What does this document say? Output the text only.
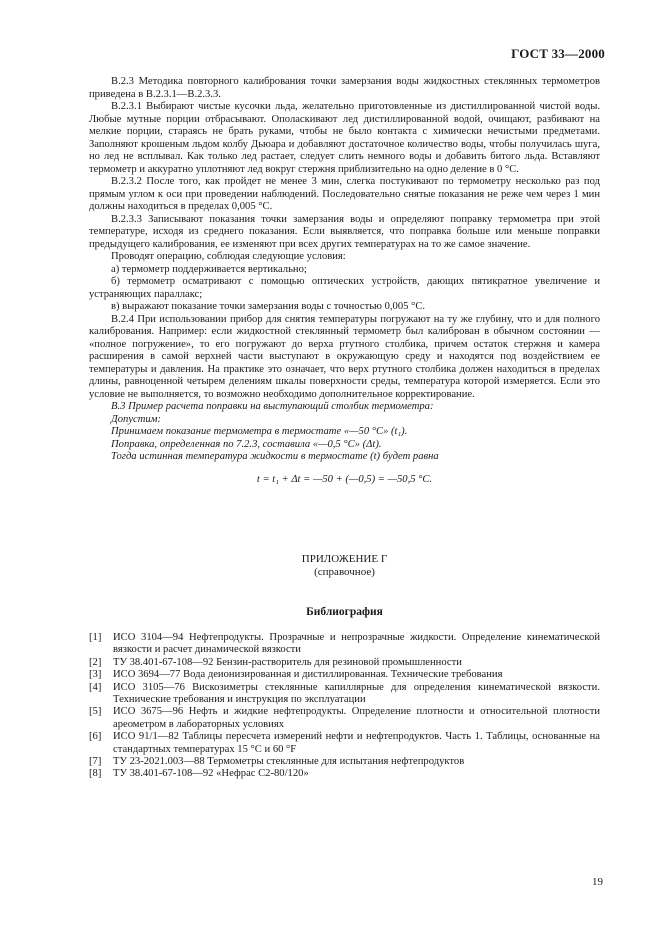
ГОСТ 33—2000

В.2.3 Методика повторного калибрования точки замерзания воды жидкостных стеклянных термометров приведена в В.2.3.1—В.2.3.3.

В.2.3.1 Выбирают чистые кусочки льда, желательно приготовленные из дистиллированной чистой воды. Любые мутные порции отбрасывают. Ополаскивают лед дистиллированной водой, очищают, разбивают на мелкие порции, стараясь не брать руками, чтобы не было контакта с химически нечистыми предметами. Заполняют крошеным льдом колбу Дьюара и добавляют достаточное количество воды, чтобы получилась шуга, но лед не всплывал. Как только лед растает, следует слить немного воды и добавить битого льда. Вставляют термометр и аккуратно уплотняют лед вокруг стержня приблизительно на одно деление в 0 °С.

В.2.3.2 После того, как пройдет не менее 3 мин, слегка постукивают по термометру несколько раз под прямым углом к оси при проведении наблюдений. Последовательно снятые показания не реже чем через 1 мин должны находиться в пределах 0,005 °С.

В.2.3.3 Записывают показания точки замерзания воды и определяют поправку термометра при этой температуре, исходя из среднего показания. Если выявляется, что поправка больше или меньше поправки предыдущего калибрования, ее изменяют при всех других температурах на то же самое значение.

Проводят операцию, соблюдая следующие условия:

а) термометр поддерживается вертикально;

б) термометр осматривают с помощью оптических устройств, дающих пятикратное увеличение и устраняющих параллакс;

в) выражают показание точки замерзания воды с точностью 0,005 °С.

В.2.4 При использовании прибор для снятия температуры погружают на ту же глубину, что и для полного калибрования. Например: если жидкостной стеклянный термометр был калиброван в обычном состоянии — «полное погружение», то его погружают до верха ртутного столбика, причем остаток стержня и камера расширения в самой верхней части выступают в окружающую среду и находятся под воздействием ее температуры и давления. На практике это означает, что верх ртутного столбика должен находиться в пределах длины, равноценной четырем делениям шкалы поверхности среды, температура которой измеряется. Если это условие не выполняется, то возможно необходимо дополнительное корректирование.

В.3 Пример расчета поправки на выступающий столбик термометра:

Допустим:

Принимаем показание термометра в термостате «—50 °С» (t₁).

Поправка, определенная по 7.2.3, составила «—0,5 °С» (Δt).

Тогда истинная температура жидкости в термостате (t) будет равна

t = t₁ + Δt = —50 + (—0,5) = —50,5 °С.

ПРИЛОЖЕНИЕ Г
(справочное)
Библиография
[1]	ИСО 3104—94 Нефтепродукты. Прозрачные и непрозрачные жидкости. Определение кинематической вязкости и расчет динамической вязкости
[2]	ТУ 38.401-67-108—92 Бензин-растворитель для резиновой промышленности
[3]	ИСО 3694—77 Вода деионизированная и дистиллированная. Технические требования
[4]	ИСО 3105—76 Вискозиметры стеклянные капиллярные для определения кинематической вязкости. Технические требования и инструкция по эксплуатации
[5]	ИСО 3675—96 Нефть и жидкие нефтепродукты. Определение плотности и относительной плотности ареометром в лабораторных условиях
[6]	ИСО 91/1—82 Таблицы пересчета измерений нефти и нефтепродуктов. Часть 1. Таблицы, основанные на стандартных температурах 15 °С и 60 °F
[7]	ТУ 23-2021.003—88 Термометры стеклянные для испытания нефтепродуктов
[8]	ТУ 38.401-67-108—92 «Нефрас С2-80/120»
19
